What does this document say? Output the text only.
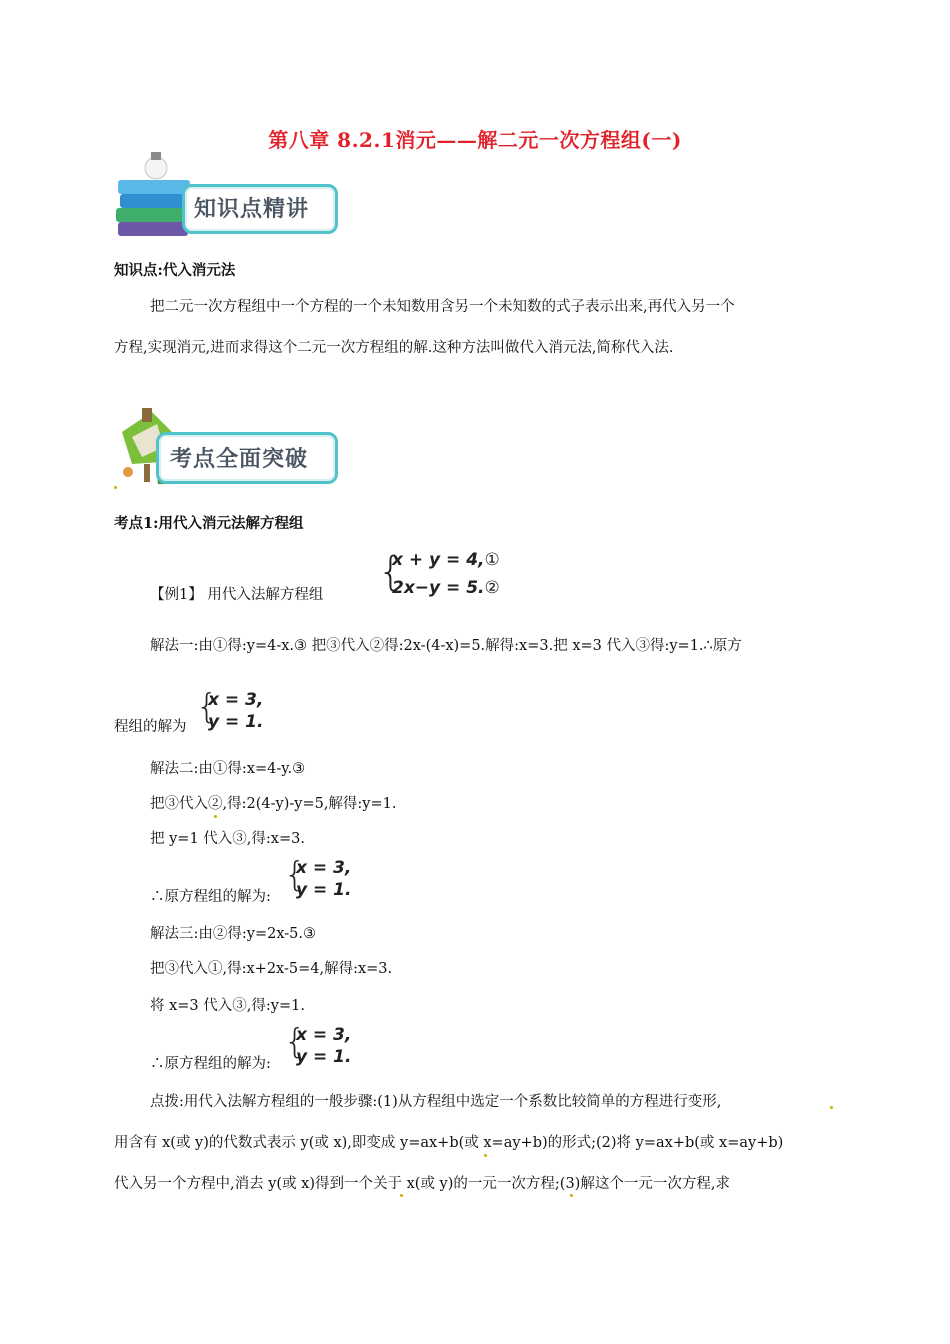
第八章 8.2.1消元——解二元一次方程组(一)
知识点精讲
知识点:代入消元法
把二元一次方程组中一个方程的一个未知数用含另一个未知数的式子表示出来,再代入另一个
方程,实现消元,进而求得这个二元一次方程组的解.这种方法叫做代入消元法,简称代入法.
考点全面突破
考点1:用代入消元法解方程组
【例1】 用代入法解方程组 {
x + y = 4,①
2x−y = 5.②
解法一:由①得:y=4-x.③ 把③代入②得:2x-(4-x)=5.解得:x=3.把 x=3 代入③得:y=1.∴原方
程组的解为 {
x = 3,
y = 1.
解法二:由①得:x=4-y.③
把③代入②,得:2(4-y)-y=5,解得:y=1.
把 y=1 代入③,得:x=3.
∴原方程组的解为:
{
x = 3,
y = 1.
解法三:由②得:y=2x-5.③
把③代入①,得:x+2x-5=4,解得:x=3.
将 x=3 代入③,得:y=1.
∴原方程组的解为:
{
x = 3,
y = 1.
点拨:用代入法解方程组的一般步骤:(1)从方程组中选定一个系数比较简单的方程进行变形,
用含有 x(或 y)的代数式表示 y(或 x),即变成 y=ax+b(或 x=ay+b)的形式;(2)将 y=ax+b(或 x=ay+b)
代入另一个方程中,消去 y(或 x)得到一个关于 x(或 y)的一元一次方程;(3)解这个一元一次方程,求
